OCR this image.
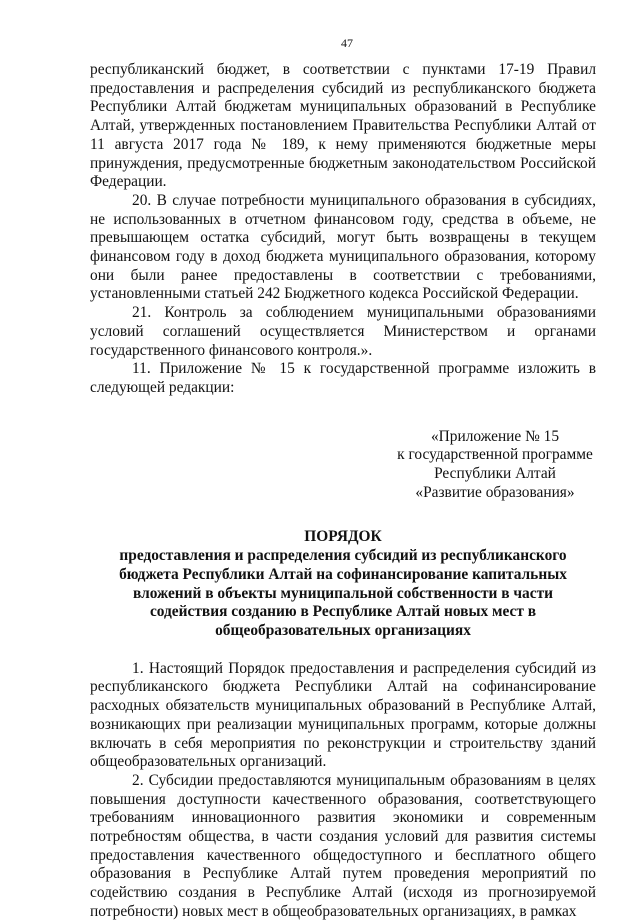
47

республиканский бюджет, в соответствии с пунктами 17-19 Правил предоставления и распределения субсидий из республиканского бюджета Республики Алтай бюджетам муниципальных образований в Республике Алтай, утвержденных постановлением Правительства Республики Алтай от 11 августа 2017 года № 189, к нему применяются бюджетные меры принуждения, предусмотренные бюджетным законодательством Российской Федерации.

20. В случае потребности муниципального образования в субсидиях, не использованных в отчетном финансовом году, средства в объеме, не превышающем остатка субсидий, могут быть возвращены в текущем финансовом году в доход бюджета муниципального образования, которому они были ранее предоставлены в соответствии с требованиями, установленными статьей 242 Бюджетного кодекса Российской Федерации.

21. Контроль за соблюдением муниципальными образованиями условий соглашений осуществляется Министерством и органами государственного финансового контроля.».

11. Приложение № 15 к государственной программе изложить в следующей редакции:

«Приложение № 15
к государственной программе
Республики Алтай
«Развитие образования»
ПОРЯДОК
предоставления и распределения субсидий из республиканского бюджета Республики Алтай на софинансирование капитальных вложений в объекты муниципальной собственности в части содействия созданию в Республике Алтай новых мест в общеобразовательных организациях

1. Настоящий Порядок предоставления и распределения субсидий из республиканского бюджета Республики Алтай на софинансирование расходных обязательств муниципальных образований в Республике Алтай, возникающих при реализации муниципальных программ, которые должны включать в себя мероприятия по реконструкции и строительству зданий общеобразовательных организаций.

2. Субсидии предоставляются муниципальным образованиям в целях повышения доступности качественного образования, соответствующего требованиям инновационного развития экономики и современным потребностям общества, в части создания условий для развития системы предоставления качественного общедоступного и бесплатного общего образования в Республике Алтай путем проведения мероприятий по содействию создания в Республике Алтай (исходя из прогнозируемой потребности) новых мест в общеобразовательных организациях, в рамках
